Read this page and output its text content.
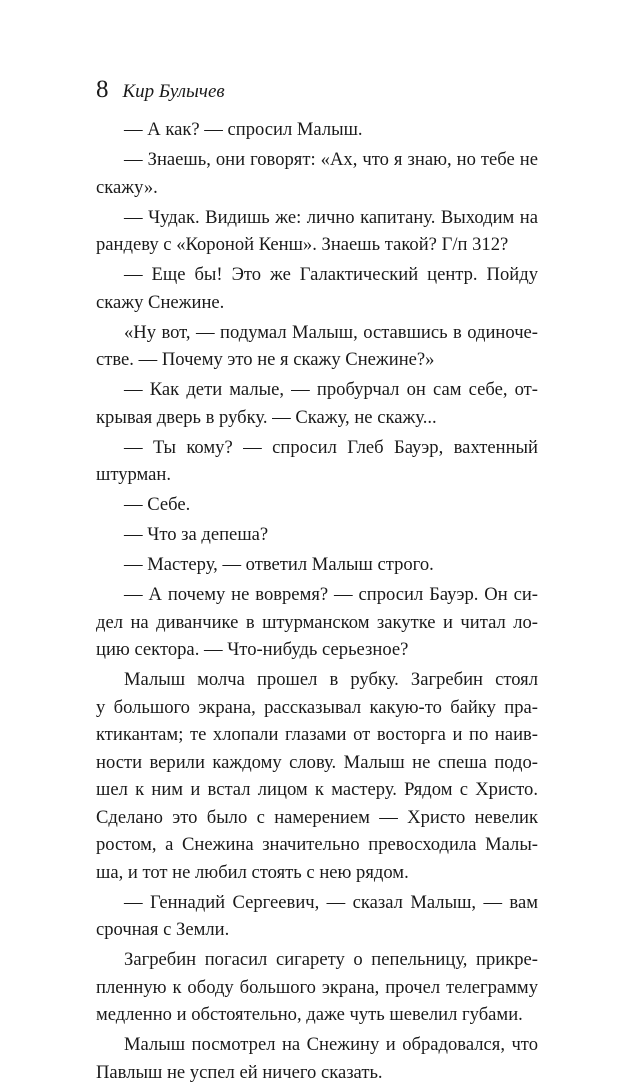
8 Кир Булычев
— А как? — спросил Малыш.
— Знаешь, они говорят: «Ах, что я знаю, но тебе не
скажу».
— Чудак. Видишь же: лично капитану. Выходим на
рандеву с «Короной Кенш». Знаешь такой? Г/п 312?
— Еще бы! Это же Галактический центр. Пойду
скажу Снежине.
«Ну вот, — подумал Малыш, оставшись в одиноче-
стве. — Почему это не я скажу Снежине?»
— Как дети малые, — пробурчал он сам себе, от-
крывая дверь в рубку. — Скажу, не скажу...
— Ты кому? — спросил Глеб Бауэр, вахтенный
штурман.
— Себе.
— Что за депеша?
— Мастеру, — ответил Малыш строго.
— А почему не вовремя? — спросил Бауэр. Он си-
дел на диванчике в штурманском закутке и читал ло-
цию сектора. — Что-нибудь серьезное?
Малыш молча прошел в рубку. Загребин стоял
у большого экрана, рассказывал какую-то байку пра-
ктикантам; те хлопали глазами от восторга и по наив-
ности верили каждому слову. Малыш не спеша подо-
шел к ним и встал лицом к мастеру. Рядом с Христо.
Сделано это было с намерением — Христо невелик
ростом, а Снежина значительно превосходила Малы-
ша, и тот не любил стоять с нею рядом.
— Геннадий Сергеевич, — сказал Малыш, — вам
срочная с Земли.
Загребин погасил сигарету о пепельницу, прикре-
пленную к ободу большого экрана, прочел телеграмму
медленно и обстоятельно, даже чуть шевелил губами.
Малыш посмотрел на Снежину и обрадовался, что
Павлыш не успел ей ничего сказать.
